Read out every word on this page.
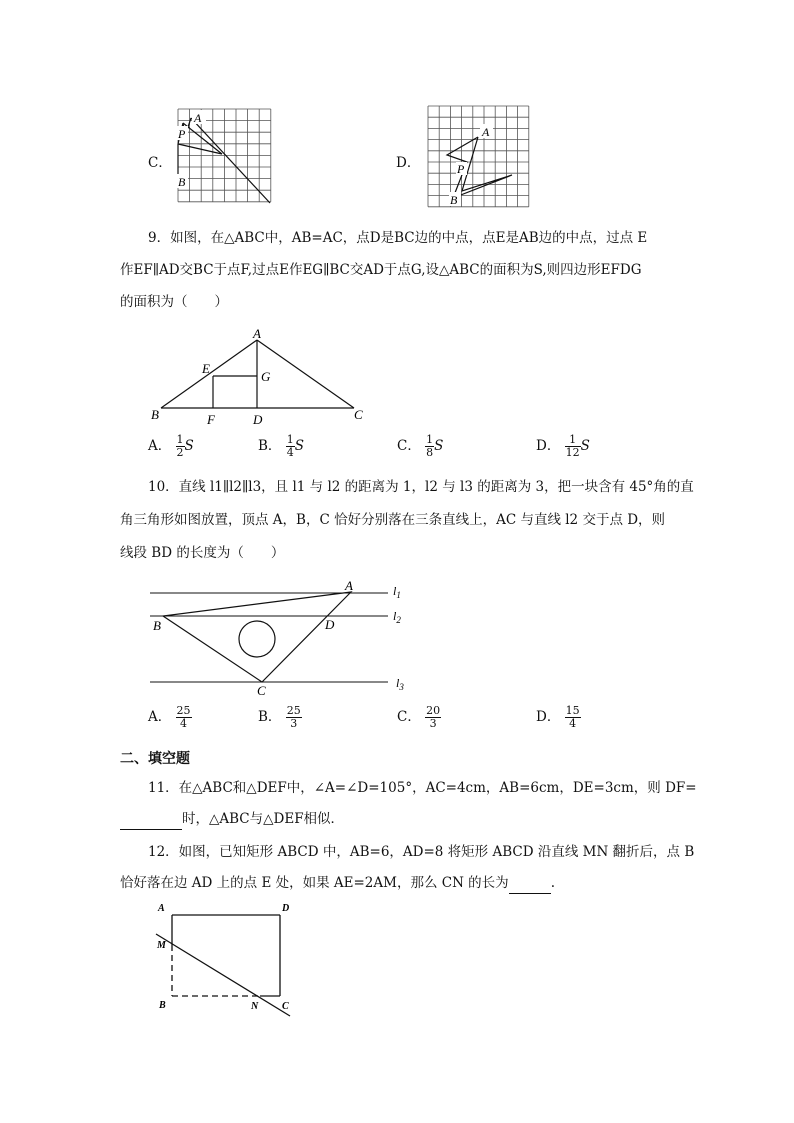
C．
A
P
B
D．
A
P
B
9．如图，在△ABC中，AB=AC，点D是BC边的中点，点E是AB边的中点，过点 E
作EF∥AD交BC于点F,过点E作EG∥BC交AD于点G,设△ABC的面积为S,则四边形EFDG
的面积为（　　）
A
B	C
D
E
F
G
A． $\frac{1}{2}$ S	B． $\frac{1}{4}$ S	C． $\frac{1}{8}$ S	D． $\frac{1}{12}$ S
10．直线 l1∥l2∥l3，且 l1 与 l2 的距离为 1，l2 与 l3 的距离为 3，把一块含有 45°角的直
角三角形如图放置，顶点 A，B，C 恰好分别落在三条直线上，AC 与直线 l2 交于点 D，则
线段 BD 的长度为（　　）
A
B
C
D
$l_1$
$l_2$
$l_3$
A． $\frac{25}{4}$	B． $\frac{25}{3}$	C． $\frac{20}{3}$	D． $\frac{15}{4}$
二、填空题
11．在△ABC和△DEF中，∠A=∠D=105°，AC=4cm，AB=6cm，DE=3cm，则 DF=
时，△ABC与△DEF相似．
12．如图，已知矩形 ABCD 中，AB=6，AD=8 将矩形 ABCD 沿直线 MN 翻折后，点 B
恰好落在边 AD 上的点 E 处，如果 AE=2AM，那么 CN 的长为	.
A	D
M
B	N C
